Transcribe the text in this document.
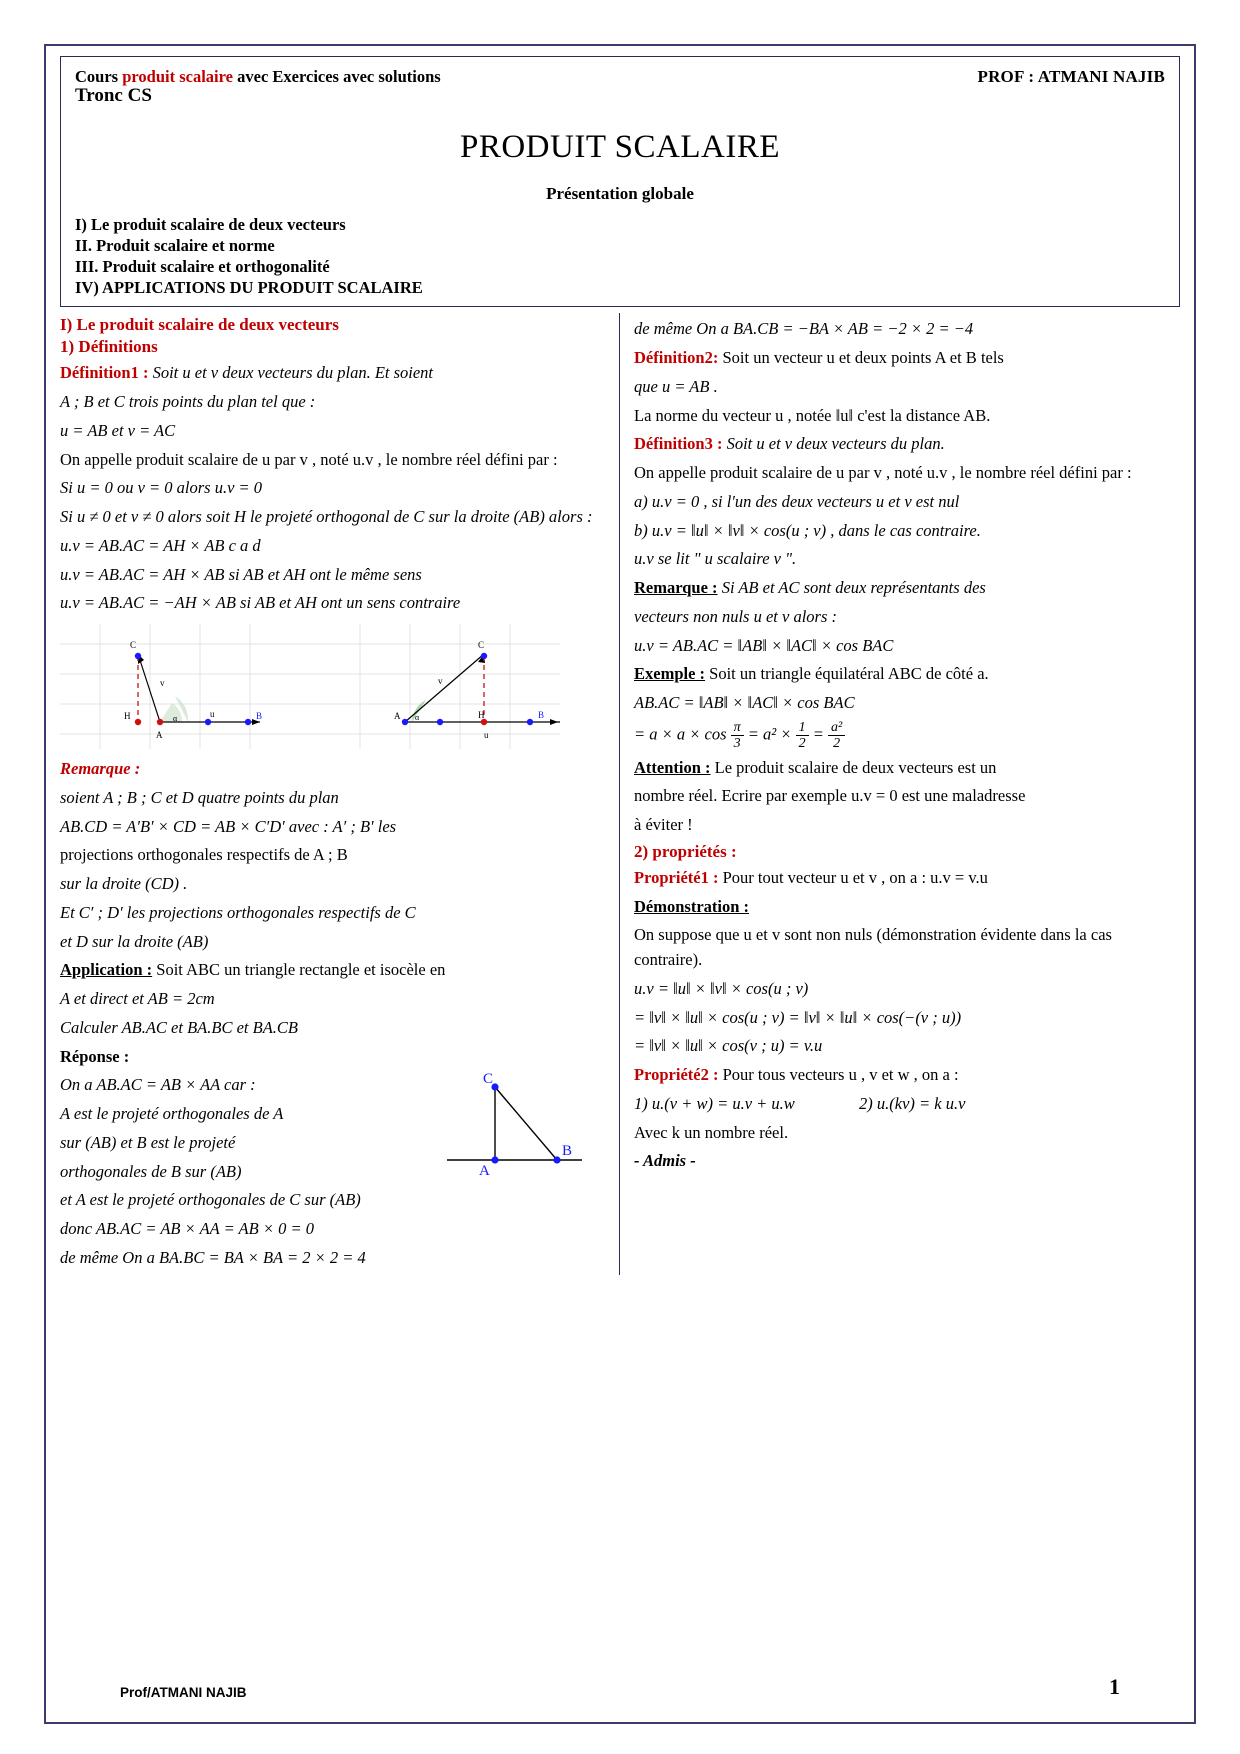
Cours produit scalaire avec Exercices avec solutions	PROF : ATMANI NAJIB
Tronc CS
PRODUIT SCALAIRE
Présentation globale
I) Le produit scalaire de deux vecteurs
II. Produit scalaire et norme
III. Produit scalaire et orthogonalité
IV) APPLICATIONS DU PRODUIT SCALAIRE
I) Le produit scalaire de deux vecteurs
1) Définitions

Définition1 : Soit u et v deux vecteurs du plan. Et soient

A ; B et C trois points du plan tel que :

u = AB et v = AC

On appelle produit scalaire de u par v , noté u.v , le nombre réel défini par :

Si u = 0 ou v = 0 alors u.v = 0

Si u ≠ 0 et v ≠ 0 alors soit H le projeté orthogonal de C sur la droite (AB) alors :

u.v = AB.AC = AH × AB c a d

u.v = AB.AC = AH × AB si AB et AH ont le même sens

u.v = AB.AC = −AH × AB si AB et AH ont un sens contraire

C
H
A
B
u
v
α
C
H
A	B
u
v
α

Remarque :

soient A ; B ; C et D quatre points du plan

AB.CD = A′B′ × CD = AB × C′D′ avec : A′ ; B′ les

projections orthogonales respectifs de A ; B

sur la droite (CD) .

Et C′ ; D′ les projections orthogonales respectifs de C

et D sur la droite (AB)

Application : Soit ABC un triangle rectangle et isocèle en

A et direct et AB = 2cm

Calculer AB.AC et BA.BC et BA.CB

Réponse :

On a AB.AC = AB × AA car :

A est le projeté orthogonales de A

sur (AB) et B est le projeté

orthogonales de B sur (AB)

C
A
B

et A est le projeté orthogonales de C sur (AB)

donc AB.AC = AB × AA = AB × 0 = 0

de même On a BA.BC = BA × BA = 2 × 2 = 4

de même On a BA.CB = −BA × AB = −2 × 2 = −4

Définition2: Soit un vecteur u et deux points A et B tels

que u = AB .

La norme du vecteur u , notée ‖u‖ c'est la distance AB.

Définition3 : Soit u et v deux vecteurs du plan.

On appelle produit scalaire de u par v , noté u.v , le nombre réel défini par :

a) u.v = 0 , si l'un des deux vecteurs u et v est nul

b) u.v = ‖u‖ × ‖v‖ × cos(u ; v) , dans le cas contraire.

u.v se lit " u scalaire v ".

Remarque : Si AB et AC sont deux représentants des

vecteurs non nuls u et v alors :

u.v = AB.AC = ‖AB‖ × ‖AC‖ × cos BAC

Exemple : Soit un triangle équilatéral ABC de côté a.

AB.AC = ‖AB‖ × ‖AC‖ × cos BAC

= $a \times a \times \cos \frac{\pi}{3} = a^2 \times \frac{1}{2} = \frac{\text{a²}}{2}$

Attention : Le produit scalaire de deux vecteurs est un

nombre réel. Ecrire par exemple u.v = 0 est une maladresse

à éviter !

2) propriétés :

Propriété1 : Pour tout vecteur u et v , on a : u.v = v.u

Démonstration :

On suppose que u et v sont non nuls (démonstration évidente dans la cas contraire).

u.v = ‖u‖ × ‖v‖ × cos(u ; v)

= ‖v‖ × ‖u‖ × cos(u ; v) = ‖v‖ × ‖u‖ × cos(−(v ; u))

= ‖v‖ × ‖u‖ × cos(v ; u) = v.u

Propriété2 : Pour tous vecteurs u , v et w , on a :

1) u.(v + w) = u.v + u.w	2) u.(kv) = k u.v

Avec k un nombre réel.

- Admis -

Prof/ATMANI NAJIB	1
